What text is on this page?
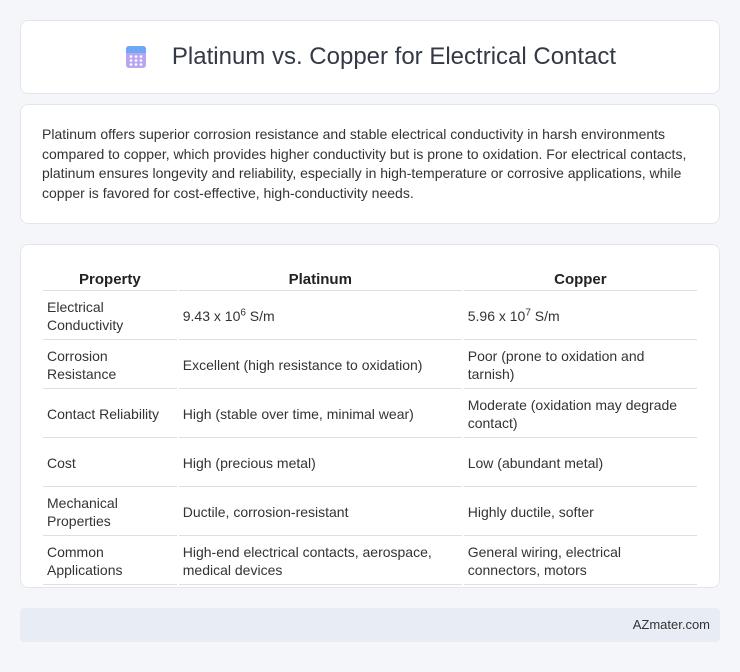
Platinum vs. Copper for Electrical Contact

Platinum offers superior corrosion resistance and stable electrical conductivity in harsh environments compared to copper, which provides higher conductivity but is prone to oxidation. For electrical contacts, platinum ensures longevity and reliability, especially in high-temperature or corrosive applications, while copper is favored for cost-effective, high-conductivity needs.

Property	Platinum	Copper
Electrical Conductivity	9.43 x $10^6$ S/m	5.96 x $10^7$ S/m
Corrosion Resistance	Excellent (high resistance to oxidation)	Poor (prone to oxidation and tarnish)
Contact Reliability	High (stable over time, minimal wear)	Moderate (oxidation may degrade contact)
Cost	High (precious metal)	Low (abundant metal)
Mechanical Properties	Ductile, corrosion-resistant	Highly ductile, softer
Common Applications	High-end electrical contacts, aerospace, medical devices	General wiring, electrical connectors, motors
AZmater.com
